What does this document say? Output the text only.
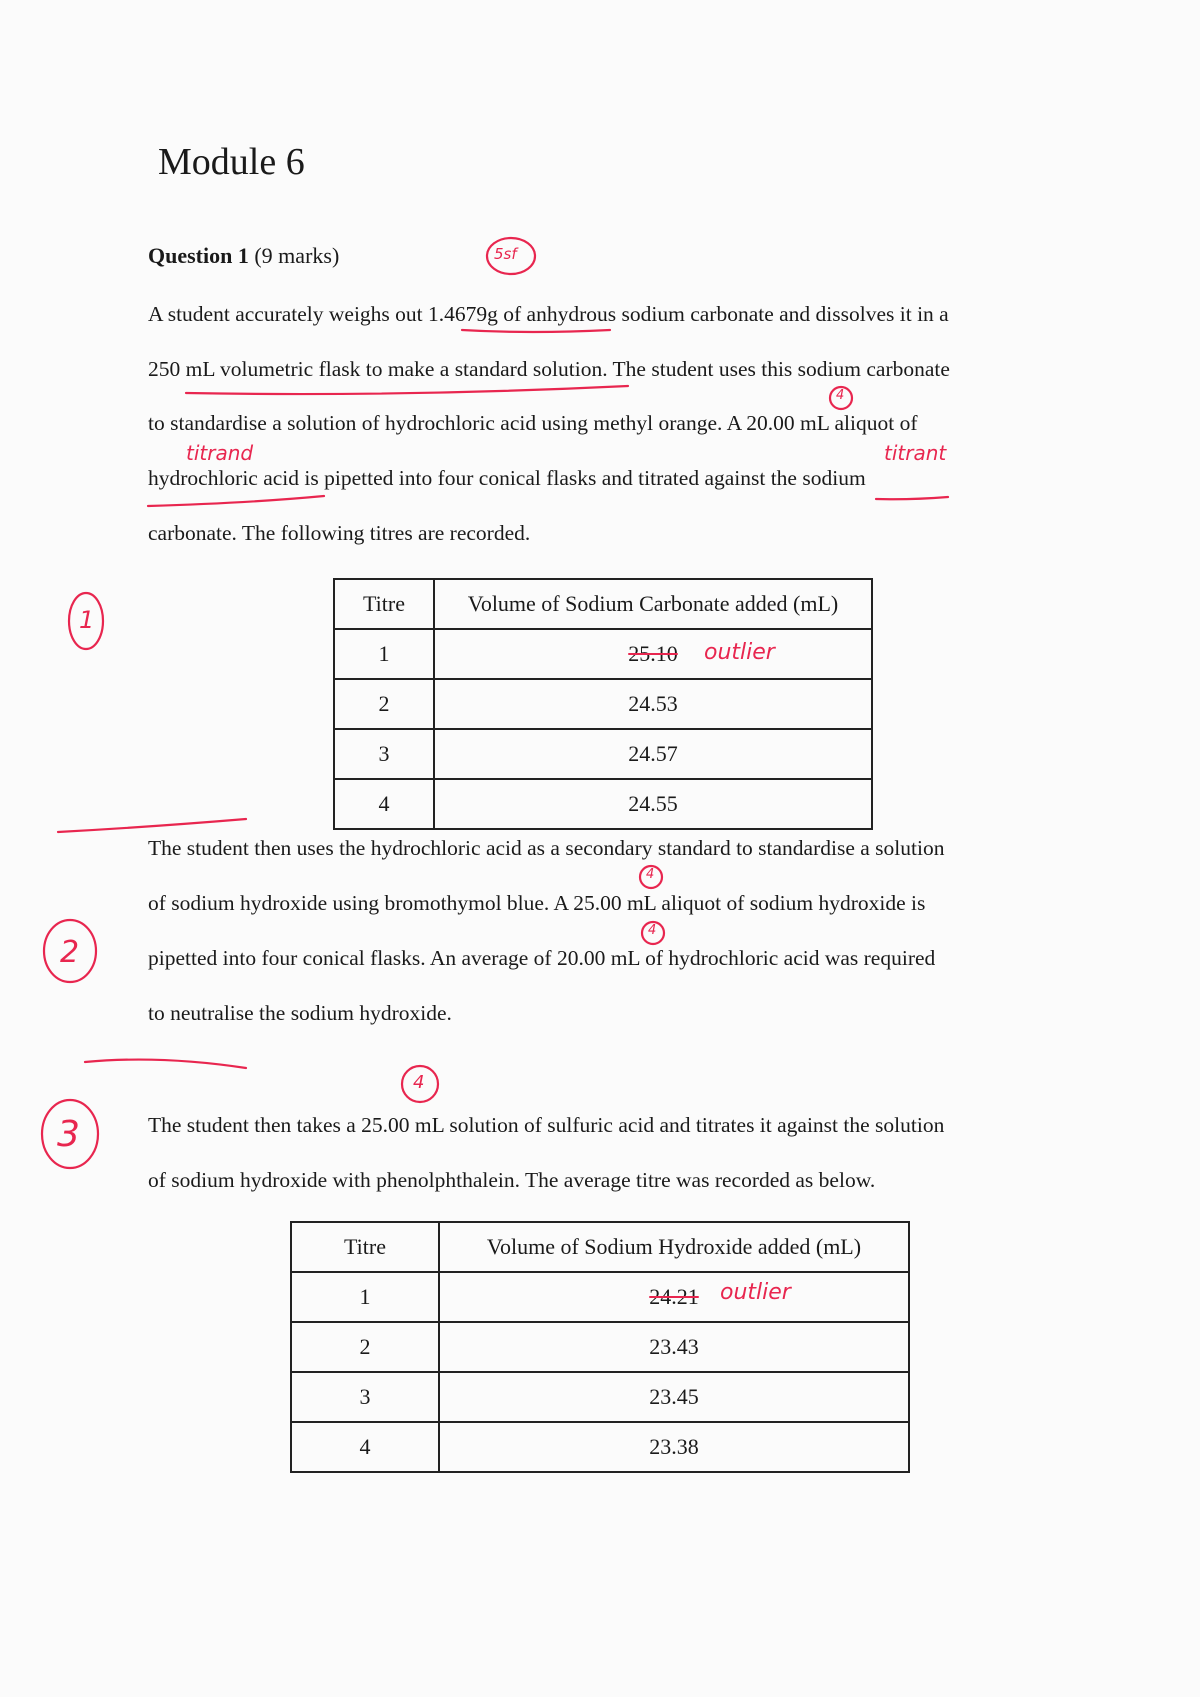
Module 6
Question 1 (9 marks)
A student accurately weighs out 1.4679g of anhydrous sodium carbonate and dissolves it in a
250 mL volumetric flask to make a standard solution. The student uses this sodium carbonate
to standardise a solution of hydrochloric acid using methyl orange. A 20.00 mL aliquot of
hydrochloric acid is pipetted into four conical flasks and titrated against the sodium
carbonate. The following titres are recorded.
Titre	Volume of Sodium Carbonate added (mL)
1	25.10
2	24.53
3	24.57
4	24.55
The student then uses the hydrochloric acid as a secondary standard to standardise a solution
of sodium hydroxide using bromothymol blue. A 25.00 mL aliquot of sodium hydroxide is
pipetted into four conical flasks. An average of 20.00 mL of hydrochloric acid was required
to neutralise the sodium hydroxide.
The student then takes a 25.00 mL solution of sulfuric acid and titrates it against the solution
of sodium hydroxide with phenolphthalein. The average titre was recorded as below.
Titre	Volume of Sodium Hydroxide added (mL)
1	24.21
2	23.43
3	23.45
4	23.38
5sf
1
2
3
titrand	titrant
outlier
outlier
4
4
4
4
